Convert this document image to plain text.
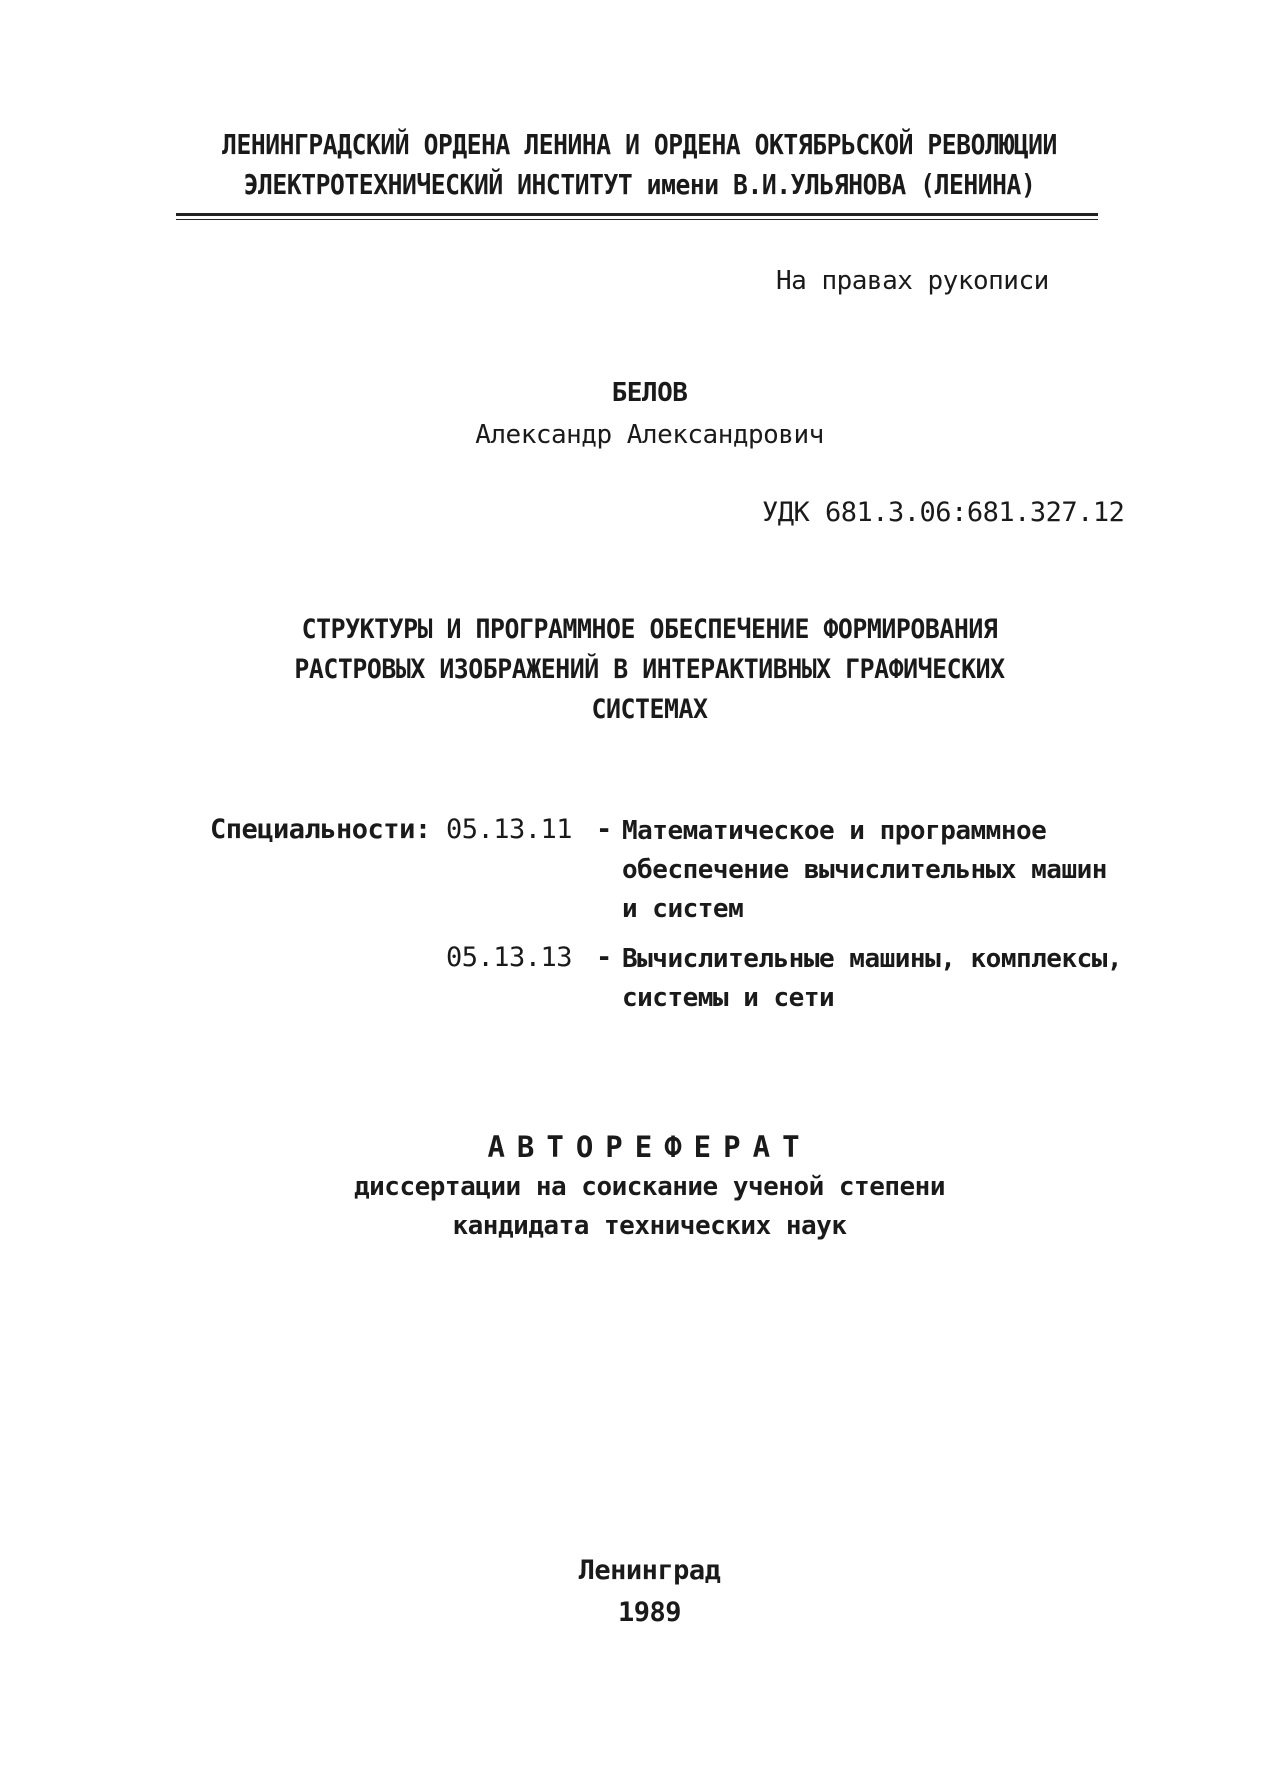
ЛЕНИНГРАДСКИЙ ОРДЕНА ЛЕНИНА И ОРДЕНА ОКТЯБРЬСКОЙ РЕВОЛЮЦИИ
ЭЛЕКТРОТЕХНИЧЕСКИЙ ИНСТИТУТ имени В.И.УЛЬЯНОВА (ЛЕНИНА)
На правах рукописи
БЕЛОВ
Александр Александрович
УДК 681.3.06:681.327.12
СТРУКТУРЫ И ПРОГРАММНОЕ ОБЕСПЕЧЕНИЕ ФОРМИРОВАНИЯ
РАСТРОВЫХ ИЗОБРАЖЕНИЙ В ИНТЕРАКТИВНЫХ ГРАФИЧЕСКИХ
СИСТЕМАХ
Специальности: 05.13.11 - Математическое и программное
обеспечение вычислительных машин
и систем
05.13.13 - Вычислительные машины, комплексы,
системы и сети
АВТОРЕФЕРАТ
диссертации на соискание ученой степени
кандидата технических наук
Ленинград
1989
